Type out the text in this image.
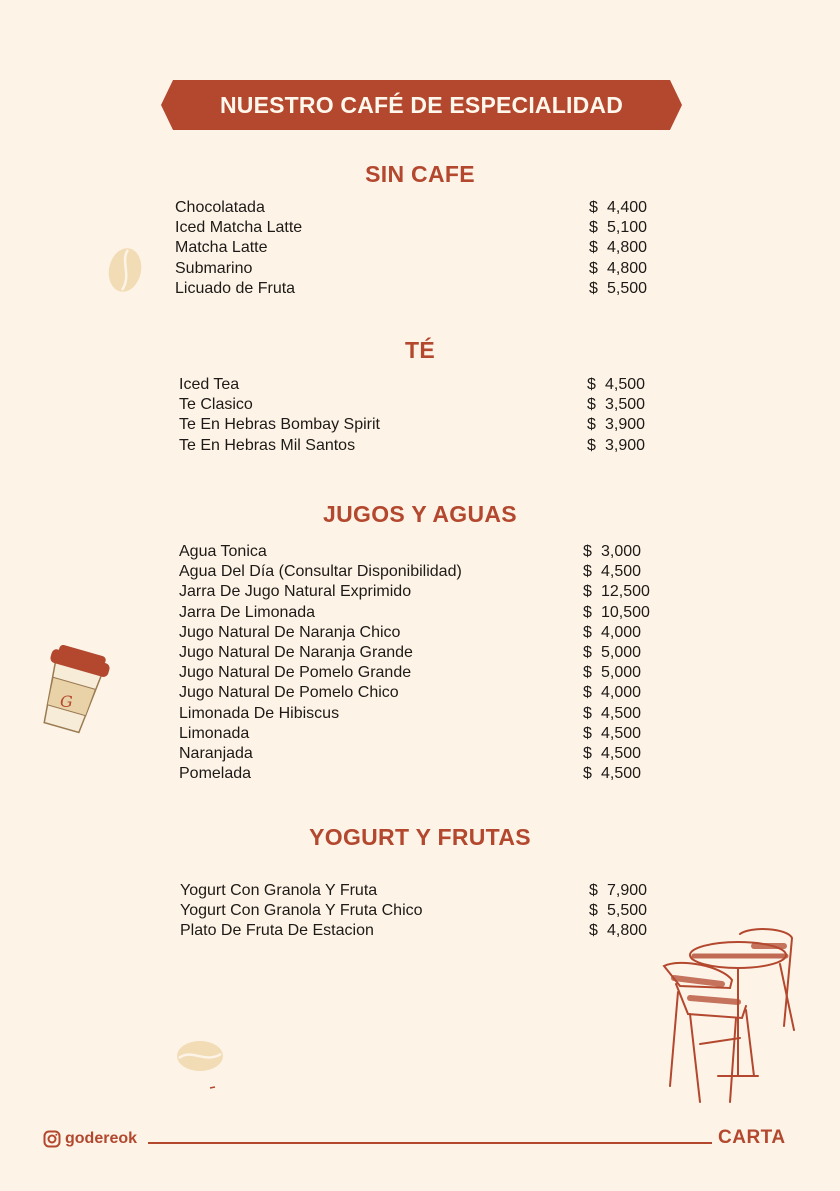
NUESTRO CAFÉ DE ESPECIALIDAD
SIN CAFE
Chocolatada	$ 4,400
Iced Matcha Latte	$ 5,100
Matcha Latte	$ 4,800
Submarino	$ 4,800
Licuado de Fruta	$ 5,500
TÉ
Iced Tea	$ 4,500
Te Clasico	$ 3,500
Te En Hebras Bombay Spirit	$ 3,900
Te En Hebras Mil Santos	$ 3,900
JUGOS Y AGUAS
Agua Tonica	$ 3,000
Agua Del Día (Consultar Disponibilidad)	$ 4,500
Jarra De Jugo Natural Exprimido	$ 12,500
Jarra De Limonada	$ 10,500
Jugo Natural De Naranja Chico	$ 4,000
Jugo Natural De Naranja Grande	$ 5,000
Jugo Natural De Pomelo Grande	$ 5,000
Jugo Natural De Pomelo Chico	$ 4,000
Limonada De Hibiscus	$ 4,500
Limonada	$ 4,500
Naranjada	$ 4,500
Pomelada	$ 4,500
YOGURT Y FRUTAS
Yogurt Con Granola Y Fruta	$ 7,900
Yogurt Con Granola Y Fruta Chico	$ 5,500
Plato De Fruta De Estacion	$ 4,800
G
godereok	CARTA
